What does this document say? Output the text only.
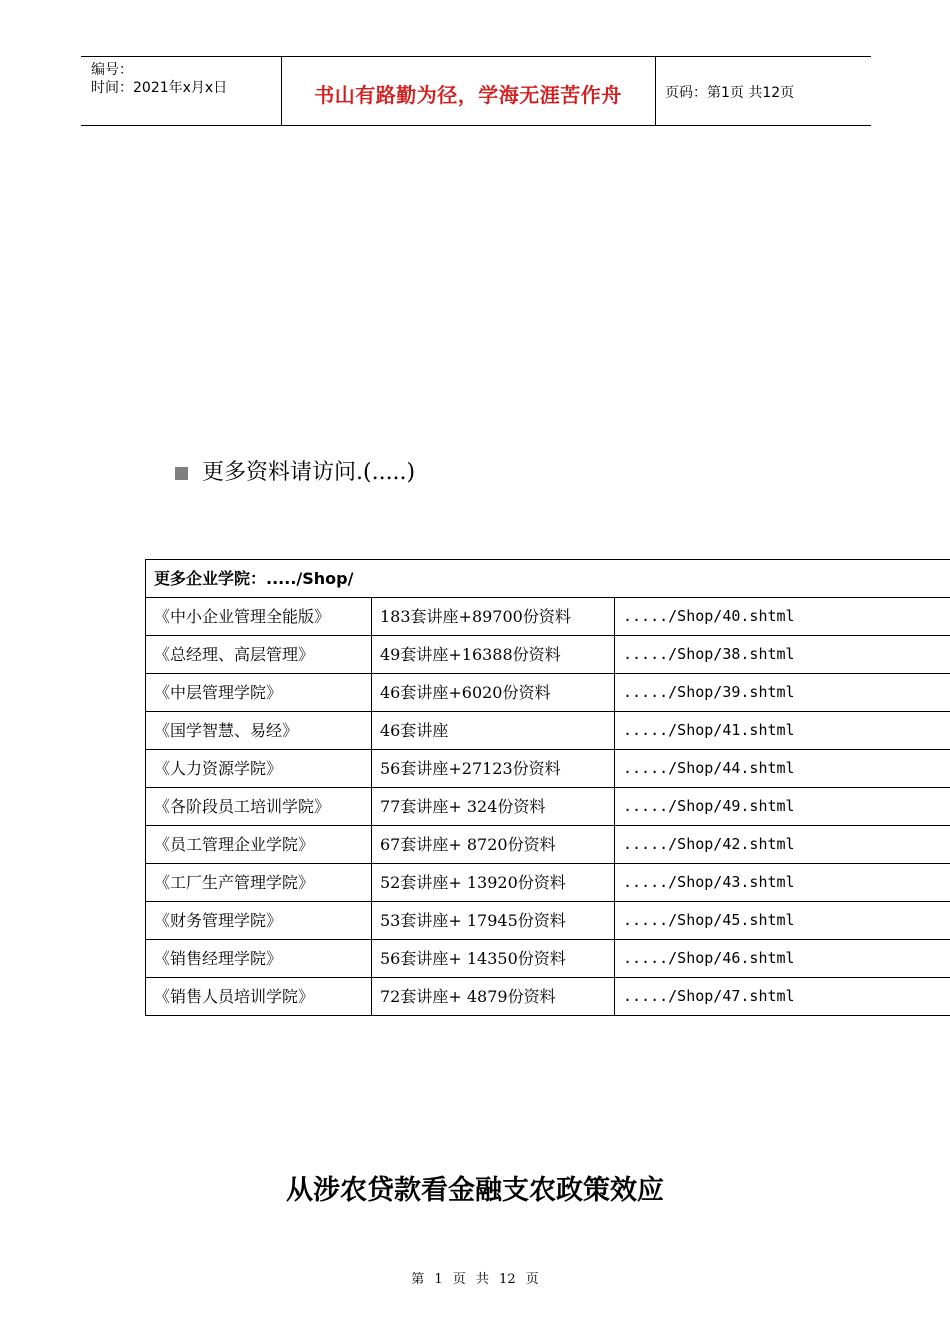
编号：
时间：2021年x月x日	书山有路勤为径，学海无涯苦作舟	页码：第1页 共12页
更多资料请访问.(.....)
更多企业学院：...../Shop/		
《中小企业管理全能版》	183套讲座+89700份资料	...../Shop/40.shtml
《总经理、高层管理》	49套讲座+16388份资料	...../Shop/38.shtml
《中层管理学院》	46套讲座+6020份资料	...../Shop/39.shtml
《国学智慧、易经》	46套讲座	...../Shop/41.shtml
《人力资源学院》	56套讲座+27123份资料	...../Shop/44.shtml
《各阶段员工培训学院》	77套讲座+ 324份资料	...../Shop/49.shtml
《员工管理企业学院》	67套讲座+ 8720份资料	...../Shop/42.shtml
《工厂生产管理学院》	52套讲座+ 13920份资料	...../Shop/43.shtml
《财务管理学院》	53套讲座+ 17945份资料	...../Shop/45.shtml
《销售经理学院》	56套讲座+ 14350份资料	...../Shop/46.shtml
《销售人员培训学院》	72套讲座+ 4879份资料	...../Shop/47.shtml
从涉农贷款看金融支农政策效应
第 1 页 共 12 页
